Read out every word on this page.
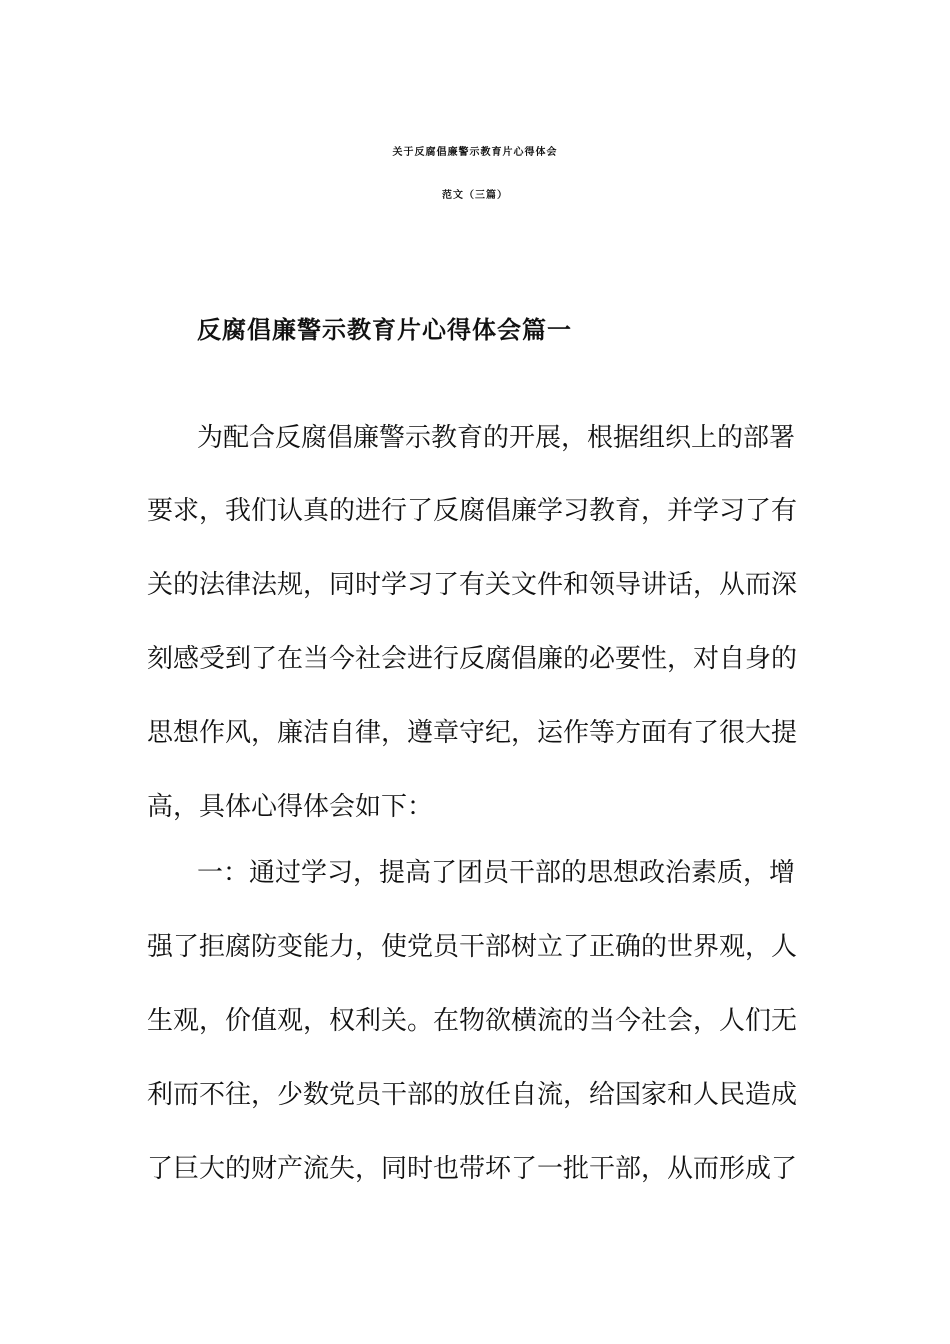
关于反腐倡廉警示教育片心得体会
范文（三篇）
反腐倡廉警示教育片心得体会篇一
为配合反腐倡廉警示教育的开展，根据组织上的部署
要求，我们认真的进行了反腐倡廉学习教育，并学习了有
关的法律法规，同时学习了有关文件和领导讲话，从而深
刻感受到了在当今社会进行反腐倡廉的必要性，对自身的
思想作风，廉洁自律，遵章守纪，运作等方面有了很大提
高，具体心得体会如下：
一：通过学习，提高了团员干部的思想政治素质，增
强了拒腐防变能力，使党员干部树立了正确的世界观，人
生观，价值观，权利关。在物欲横流的当今社会，人们无
利而不往，少数党员干部的放任自流，给国家和人民造成
了巨大的财产流失，同时也带坏了一批干部，从而形成了
